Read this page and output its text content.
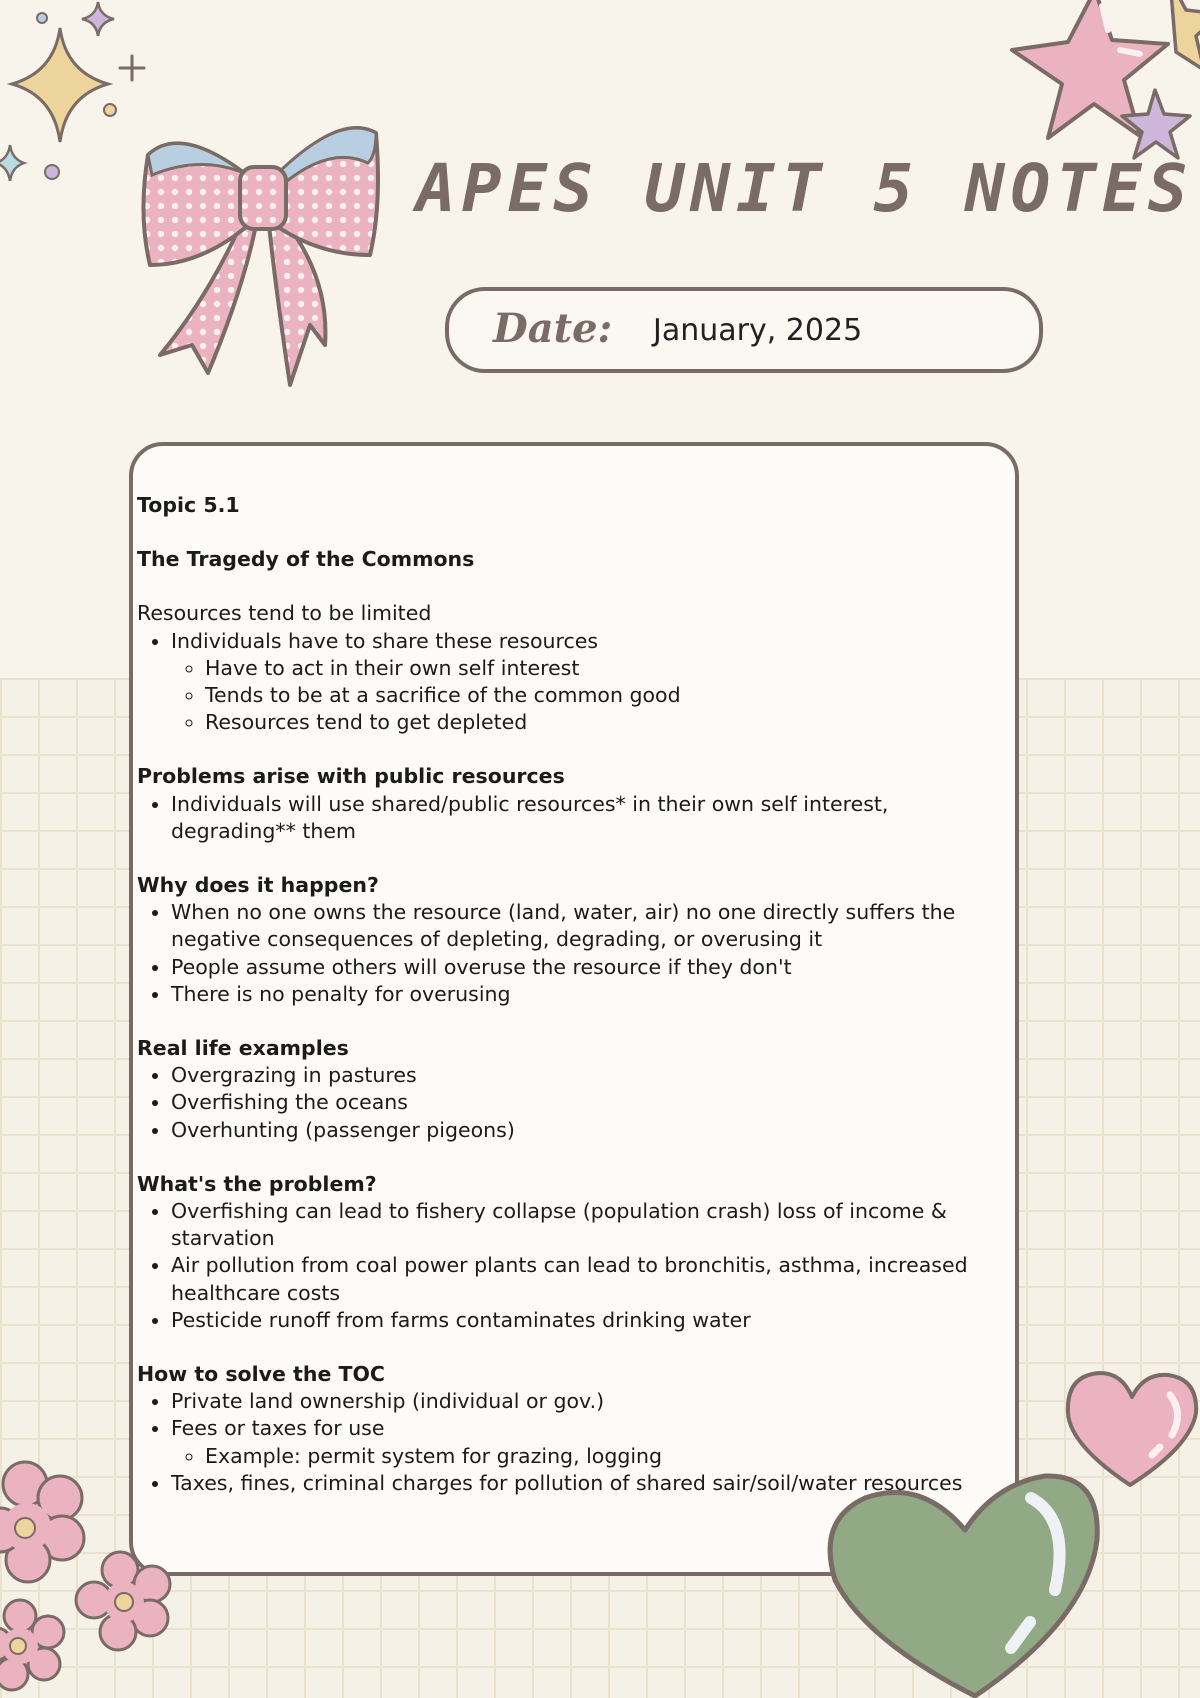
APES UNIT 5 NOTES
Date: January, 2025

Topic 5.1

The Tragedy of the Commons

Resources tend to be limited

• Individuals have to share these resources
◦ Have to act in their own self interest
◦ Tends to be at a sacrifice of the common good
◦ Resources tend to get depleted

Problems arise with public resources

• Individuals will use shared/public resources* in their own self interest, degrading** them

Why does it happen?

• When no one owns the resource (land, water, air) no one directly suffers the negative consequences of depleting, degrading, or overusing it
• People assume others will overuse the resource if they don't
• There is no penalty for overusing

Real life examples

• Overgrazing in pastures
• Overfishing the oceans
• Overhunting (passenger pigeons)

What's the problem?

• Overfishing can lead to fishery collapse (population crash) loss of income & starvation
• Air pollution from coal power plants can lead to bronchitis, asthma, increased healthcare costs
• Pesticide runoff from farms contaminates drinking water

How to solve the TOC

• Private land ownership (individual or gov.)
• Fees or taxes for use
◦ Example: permit system for grazing, logging
• Taxes, fines, criminal charges for pollution of shared sair/soil/water resources
